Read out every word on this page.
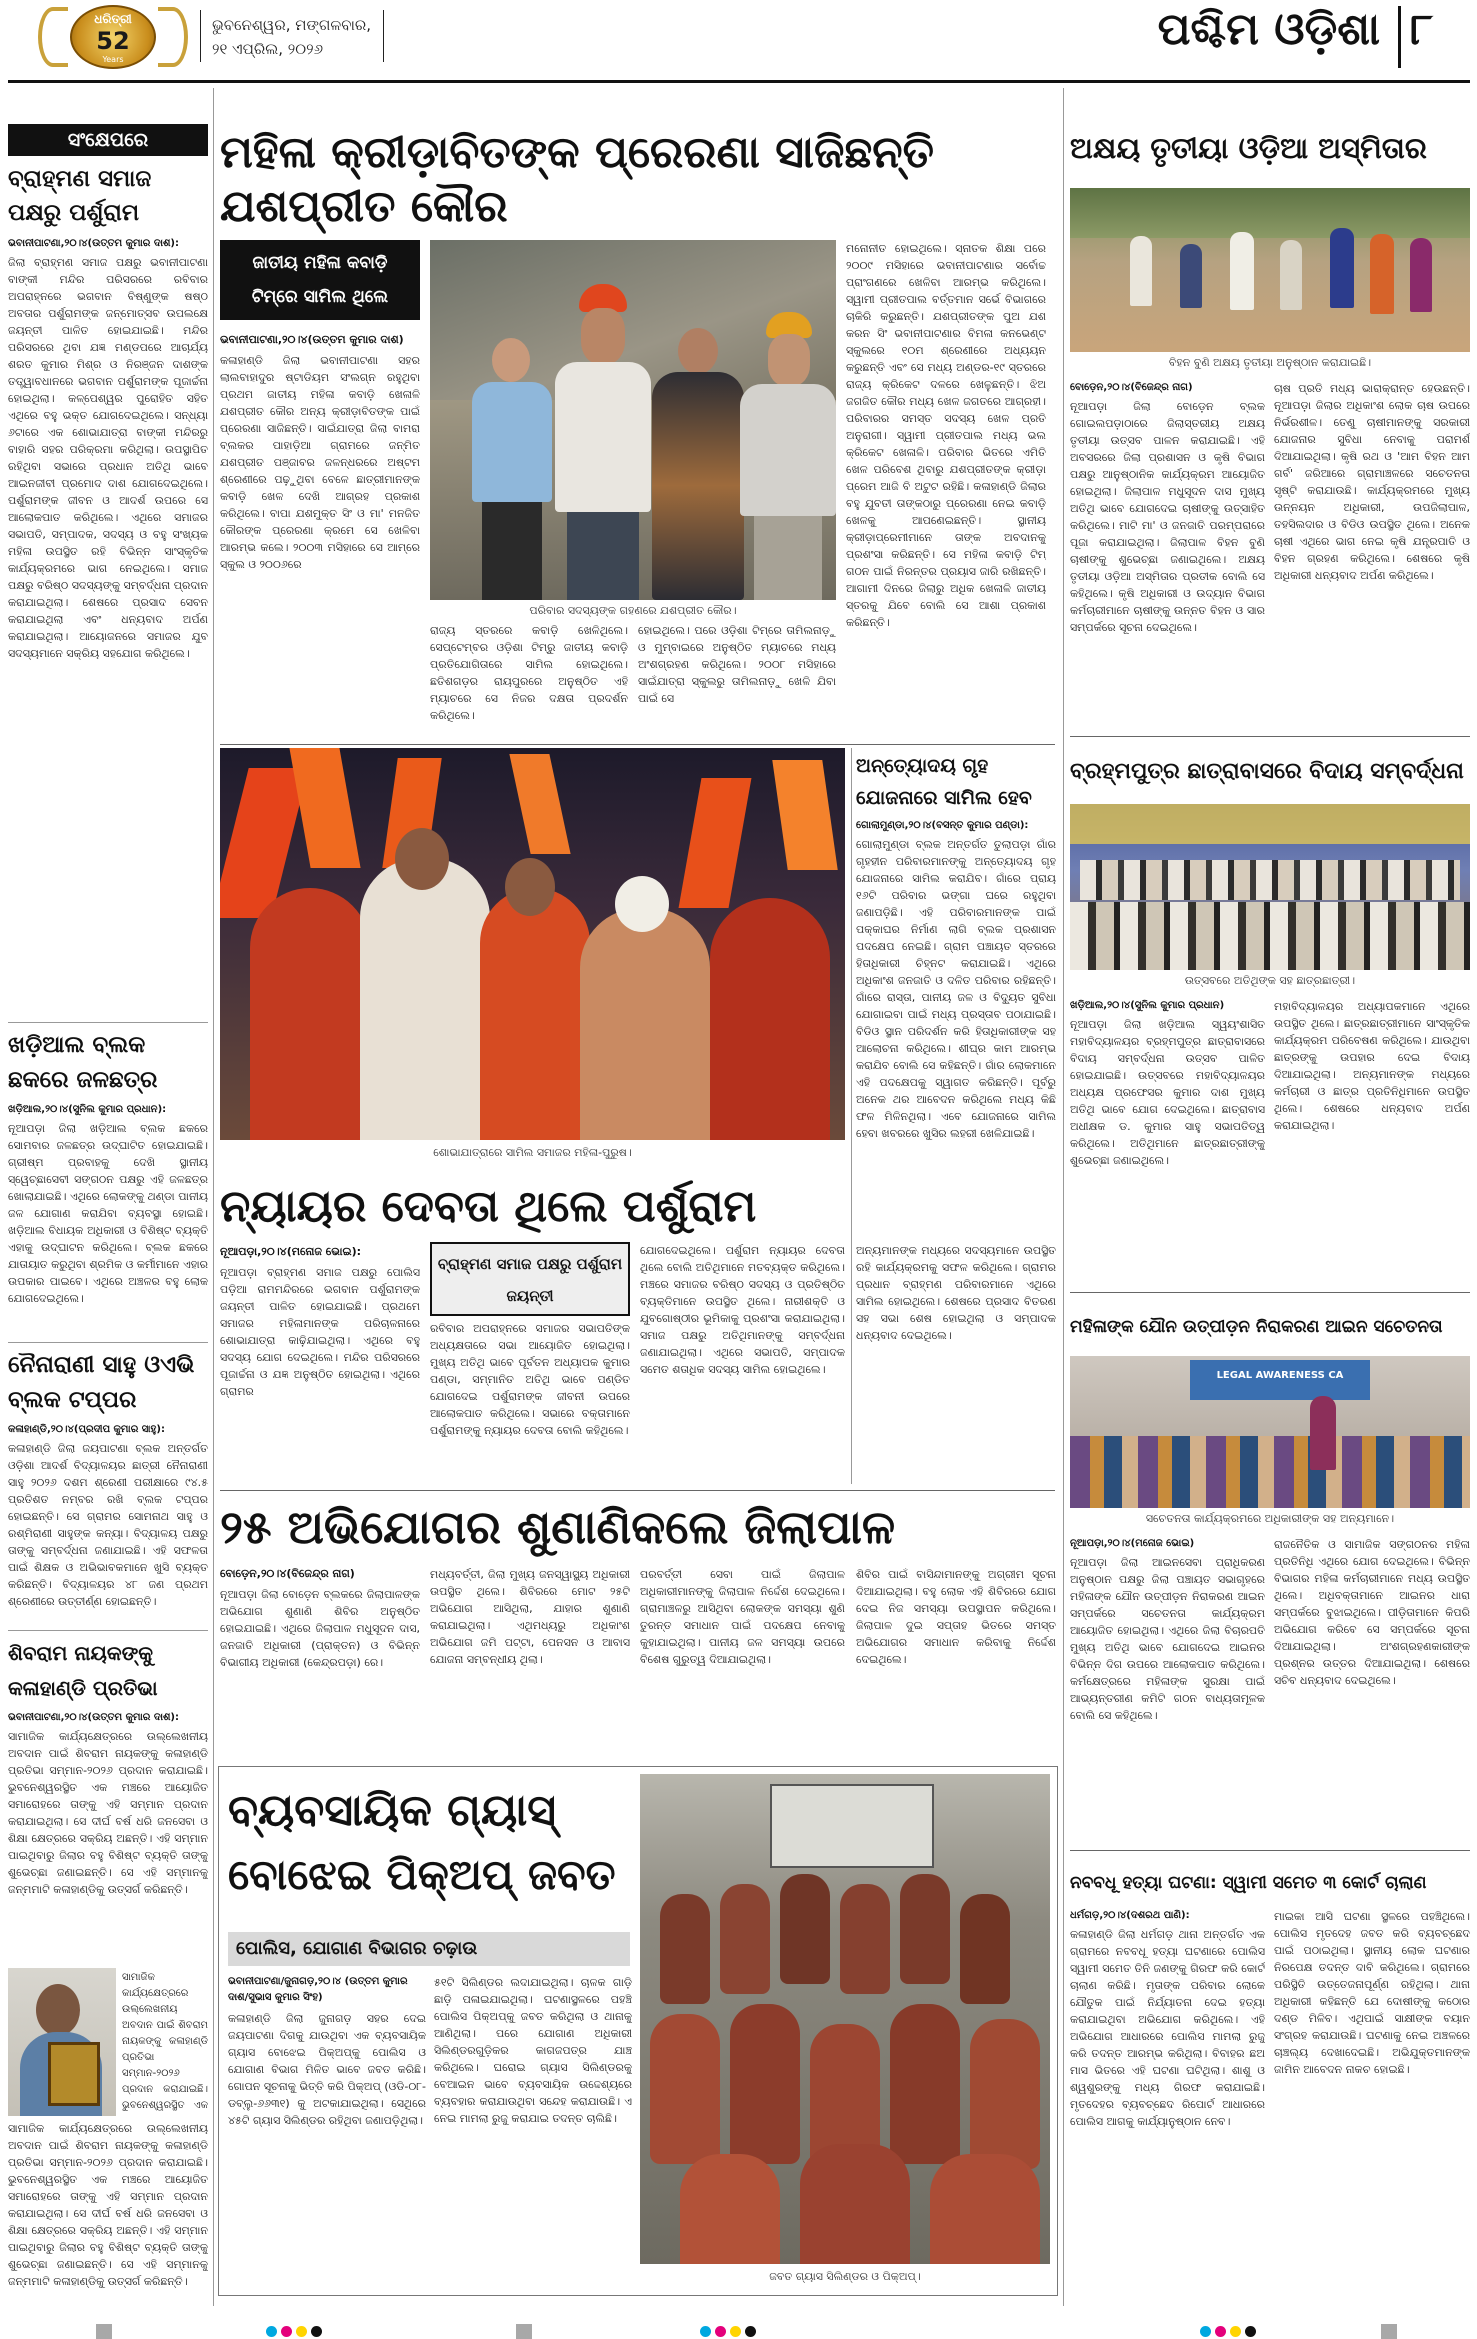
ଧରିତ୍ରୀ
52
Years
ଭୁବନେଶ୍ୱର, ମଙ୍ଗଳବାର,
୨୧ ଏପ୍ରିଲ, ୨୦୨୬	ପଶ୍ଚିମ ଓଡ଼ିଶା ୮
ସଂକ୍ଷେପରେ
ବ୍ରାହ୍ମଣ ସମାଜ ପକ୍ଷରୁ ପର୍ଶୁରାମ
ଭବାନୀପାଟଣା,୨୦।୪(ଉତ୍ତମ କୁମାର ଦାଶ):
ଜିଲା ବ୍ରାହ୍ମଣ ସମାଜ ପକ୍ଷରୁ ଭବାନୀପାଟଣା ବାଙ୍କୀ ମନ୍ଦିର ପରିସରରେ ରବିବାର ଅପରାହ୍ନରେ ଭଗବାନ ବିଷ୍ଣୁଙ୍କ ଷଷ୍ଠ ଅବତାର ପର୍ଶୁରାମଙ୍କ ଜନ୍ମୋତ୍ସବ ଉପଲକ୍ଷେ ଜୟନ୍ତୀ ପାଳିତ ହୋଇଯାଇଛି। ମନ୍ଦିର ପରିସରରେ ଥିବା ଯଜ୍ଞ ମଣ୍ଡପରେ ଆଚାର୍ଯ୍ୟ ଶରତ କୁମାର ମିଶ୍ର ଓ ନିରଞ୍ଜନ ଦାଶଙ୍କ ତତ୍ତ୍ୱାବଧାନରେ ଭଗବାନ ପର୍ଶୁରାମଙ୍କ ପୂଜାର୍ଚ୍ଚନା ହୋଇଥିଲା। କଳ୍ପେଶ୍ୱର ପୁରୋହିତ ସହିତ ଏଥିରେ ବହୁ ଭକ୍ତ ଯୋଗଦେଇଥିଲେ। ସନ୍ଧ୍ୟା ୬ଟାରେ ଏକ ଶୋଭାଯାତ୍ରା ବାଙ୍କୀ ମନ୍ଦିରରୁ ବାହାରି ସହର ପରିକ୍ରମା କରିଥିଲା। ଉପସ୍ଥାପିତ ରହିଥିବା ସଭାରେ ପ୍ରଧାନ ଅତିଥି ଭାବେ ଆଇନଜୀବୀ ପ୍ରମୋଦ ଦାଶ ଯୋଗଦେଇଥିଲେ। ପର୍ଶୁରାମଙ୍କ ଜୀବନ ଓ ଆଦର୍ଶ ଉପରେ ସେ ଆଲୋକପାତ କରିଥିଲେ। ଏଥିରେ ସମାଜର ସଭାପତି, ସମ୍ପାଦକ, ସଦସ୍ୟ ଓ ବହୁ ସଂଖ୍ୟକ ମହିଳା ଉପସ୍ଥିତ ରହି ବିଭିନ୍ନ ସାଂସ୍କୃତିକ କାର୍ଯ୍ୟକ୍ରମରେ ଭାଗ ନେଇଥିଲେ। ସମାଜ ପକ୍ଷରୁ ବରିଷ୍ଠ ସଦସ୍ୟଙ୍କୁ ସମ୍ବର୍ଦ୍ଧନା ପ୍ରଦାନ କରାଯାଇଥିଲା। ଶେଷରେ ପ୍ରସାଦ ସେବନ କରାଯାଇଥିଲା ଏବଂ ଧନ୍ୟବାଦ ଅର୍ପଣ କରାଯାଇଥିଲା। ଆୟୋଜନରେ ସମାଜର ଯୁବ ସଦସ୍ୟମାନେ ସକ୍ରିୟ ସହଯୋଗ କରିଥିଲେ।
ଖଡ଼ିଆଲ ବ୍ଲକ ଛକରେ ଜଳଛତ୍ର
ଖଡ଼ିଆଲ,୨୦।୪(ସୁନିଲ କୁମାର ପ୍ରଧାନ):
ନୂଆପଡ଼ା ଜିଲା ଖଡ଼ିଆଲ ବ୍ଲକ ଛକରେ ସୋମବାର ଜଳଛତ୍ର ଉଦ୍‌ଘାଟିତ ହୋଇଯାଇଛି। ଗ୍ରୀଷ୍ମ ପ୍ରବାହକୁ ଦେଖି ସ୍ଥାନୀୟ ସ୍ୱେଚ୍ଛାସେବୀ ସଙ୍ଗଠନ ପକ୍ଷରୁ ଏହି ଜଳଛତ୍ର ଖୋଲାଯାଇଛି। ଏଥିରେ ଲୋକଙ୍କୁ ଥଣ୍ଡା ପାନୀୟ ଜଳ ଯୋଗାଣ କରାଯିବା ବ୍ୟବସ୍ଥା ହୋଇଛି। ଖଡ଼ିଆଲ ବିଧାୟକ ଅଧିକାରୀ ଓ ବିଶିଷ୍ଟ ବ୍ୟକ୍ତି ଏହାକୁ ଉଦ୍‌ଘାଟନ କରିଥିଲେ। ବ୍ଲକ ଛକରେ ଯାତାୟାତ କରୁଥିବା ଶ୍ରମିକ ଓ କର୍ମୀମାନେ ଏହାର ଉପକାର ପାଇବେ। ଏଥିରେ ଅଞ୍ଚଳର ବହୁ ଲୋକ ଯୋଗଦେଇଥିଲେ।
ନୈନାରାଣୀ ସାହୁ ଓଏଭି ବ୍ଲକ ଟପ୍ପର
କଳାହାଣ୍ଡି,୨୦।୪(ପ୍ରଦୀପ କୁମାର ସାହୁ):
କଳାହାଣ୍ଡି ଜିଲା ଜୟପାଟଣା ବ୍ଲକ ଅନ୍ତର୍ଗତ ଓଡ଼ିଶା ଆଦର୍ଶ ବିଦ୍ୟାଳୟର ଛାତ୍ରୀ ନୈନାରାଣୀ ସାହୁ ୨୦୨୬ ଦଶମ ଶ୍ରେଣୀ ପରୀକ୍ଷାରେ ୯୪.୫ ପ୍ରତିଶତ ନମ୍ବର ରଖି ବ୍ଲକ ଟପ୍ପର ହୋଇଛନ୍ତି। ସେ ଗ୍ରାମର ସୋମନାଥ ସାହୁ ଓ ରଶ୍ମିରାଣୀ ସାହୁଙ୍କ କନ୍ୟା। ବିଦ୍ୟାଳୟ ପକ୍ଷରୁ ତାଙ୍କୁ ସମ୍ବର୍ଦ୍ଧନା ଜଣାଯାଇଛି। ଏହି ସଫଳତା ପାଇଁ ଶିକ୍ଷକ ଓ ଅଭିଭାବକମାନେ ଖୁସି ବ୍ୟକ୍ତ କରିଛନ୍ତି। ବିଦ୍ୟାଳୟର ୪୮ ଜଣ ପ୍ରଥମ ଶ୍ରେଣୀରେ ଉତ୍ତୀର୍ଣ୍ଣ ହୋଇଛନ୍ତି।
ଶିବରାମ ନାୟକଙ୍କୁ କଳାହାଣ୍ଡି ପ୍ରତିଭା
ଭବାନୀପାଟଣା,୨୦।୪(ଉତ୍ତମ କୁମାର ଦାଶ):
ସାମାଜିକ କାର୍ଯ୍ୟକ୍ଷେତ୍ରରେ ଉଲ୍ଲେଖନୀୟ ଅବଦାନ ପାଇଁ ଶିବରାମ ନାୟକଙ୍କୁ କଳାହାଣ୍ଡି ପ୍ରତିଭା ସମ୍ମାନ-୨୦୨୬ ପ୍ରଦାନ କରାଯାଇଛି। ଭୁବନେଶ୍ୱରସ୍ଥିତ ଏକ ମଞ୍ଚରେ ଆୟୋଜିତ ସମାରୋହରେ ତାଙ୍କୁ ଏହି ସମ୍ମାନ ପ୍ରଦାନ କରାଯାଇଥିଲା। ସେ ଦୀର୍ଘ ବର୍ଷ ଧରି ଜନସେବା ଓ ଶିକ୍ଷା କ୍ଷେତ୍ରରେ ସକ୍ରିୟ ଅଛନ୍ତି। ଏହି ସମ୍ମାନ ପାଇଥିବାରୁ ଜିଲାର ବହୁ ବିଶିଷ୍ଟ ବ୍ୟକ୍ତି ତାଙ୍କୁ ଶୁଭେଚ୍ଛା ଜଣାଇଛନ୍ତି। ସେ ଏହି ସମ୍ମାନକୁ ଜନ୍ମମାଟି କଳାହାଣ୍ଡିକୁ ଉତ୍ସର୍ଗ କରିଛନ୍ତି।
ସାମାଜିକ କାର୍ଯ୍ୟକ୍ଷେତ୍ରରେ ଉଲ୍ଲେଖନୀୟ ଅବଦାନ ପାଇଁ ଶିବରାମ ନାୟକଙ୍କୁ କଳାହାଣ୍ଡି ପ୍ରତିଭା ସମ୍ମାନ-୨୦୨୬ ପ୍ରଦାନ କରାଯାଇଛି। ଭୁବନେଶ୍ୱରସ୍ଥିତ ଏକ
ସାମାଜିକ କାର୍ଯ୍ୟକ୍ଷେତ୍ରରେ ଉଲ୍ଲେଖନୀୟ ଅବଦାନ ପାଇଁ ଶିବରାମ ନାୟକଙ୍କୁ କଳାହାଣ୍ଡି ପ୍ରତିଭା ସମ୍ମାନ-୨୦୨୬ ପ୍ରଦାନ କରାଯାଇଛି। ଭୁବନେଶ୍ୱରସ୍ଥିତ ଏକ ମଞ୍ଚରେ ଆୟୋଜିତ ସମାରୋହରେ ତାଙ୍କୁ ଏହି ସମ୍ମାନ ପ୍ରଦାନ କରାଯାଇଥିଲା। ସେ ଦୀର୍ଘ ବର୍ଷ ଧରି ଜନସେବା ଓ ଶିକ୍ଷା କ୍ଷେତ୍ରରେ ସକ୍ରିୟ ଅଛନ୍ତି। ଏହି ସମ୍ମାନ ପାଇଥିବାରୁ ଜିଲାର ବହୁ ବିଶିଷ୍ଟ ବ୍ୟକ୍ତି ତାଙ୍କୁ ଶୁଭେଚ୍ଛା ଜଣାଇଛନ୍ତି। ସେ ଏହି ସମ୍ମାନକୁ ଜନ୍ମମାଟି କଳାହାଣ୍ଡିକୁ ଉତ୍ସର୍ଗ କରିଛନ୍ତି।
ମହିଳା କ୍ରୀଡ଼ାବିତଙ୍କ ପ୍ରେରଣା ସାଜିଛନ୍ତି ଯଶପ୍ରୀତ କୌର
ଜାତୀୟ ମହିଳା କବାଡ଼ି ଟିମ୍‌ରେ ସାମିଲ ଥିଲେ
ଭବାନୀପାଟଣା,୨୦।୪(ଉତ୍ତମ କୁମାର ଦାଶ)
କଳାହାଣ୍ଡି ଜିଲା ଭବାନୀପାଟଣା ସହର ଲାଲବାହାଦୁର ଷ୍ଟାଡିୟମ ସଂଲଗ୍ନ ରହୁଥିବା ପ୍ରଥମ ଜାତୀୟ ମହିଳା କବାଡ଼ି ଖେଳାଳି ଯଶପ୍ରୀତ କୌର ଅନ୍ୟ କ୍ରୀଡ଼ାବିତଙ୍କ ପାଇଁ ପ୍ରେରଣା ସାଜିଛନ୍ତି। ସାଇଁଯାତ୍ରା ଜିଲା ବାମରା ବ୍ଲକର ପାହାଡ଼ିଆ ଗ୍ରାମରେ ଜନ୍ମିତ ଯଶପ୍ରୀତ ପଞ୍ଜାବର ଜଳନ୍ଧରରେ ଅଷ୍ଟମ ଶ୍ରେଣୀରେ ପଢ଼ୁଥିବା ବେଳେ ଛାତ୍ରୀମାନଙ୍କ କବାଡ଼ି ଖେଳ ଦେଖି ଆଗ୍ରହ ପ୍ରକାଶ କରିଥିଲେ। ବାପା ଯଶମୁକ୍ତ ସିଂ ଓ ମା' ମନଜିତ କୌରଙ୍କ ପ୍ରେରଣା କ୍ରମେ ସେ ଖେଳିବା ଆରମ୍ଭ କଲେ। ୨୦୦୩ ମସିହାରେ ସେ ଆମ୍ରେ ସ୍କୁଲ ଓ ୨୦୦୬ରେ
ପରିବାର ସଦସ୍ୟଙ୍କ ଗହଣରେ ଯଶପ୍ରୀତ କୌର।
ରାଜ୍ୟ ସ୍ତରରେ କବାଡ଼ି ଖେଳିଥିଲେ। ସେପ୍ଟେମ୍ବର ଓଡ଼ିଶା ଟିମ୍‌ରୁ ଜାତୀୟ କବାଡ଼ି ପ୍ରତିଯୋଗିତାରେ ସାମିଲ ହୋଇଥିଲେ। ଛତିଶଗଡ଼ର ରାୟପୁରରେ ଅନୁଷ୍ଠିତ ଏହି ମ୍ୟାଚରେ ସେ ନିଜର ଦକ୍ଷତା ପ୍ରଦର୍ଶନ କରିଥିଲେ।
ହୋଇଥିଲେ। ପରେ ଓଡ଼ିଶା ଟିମ୍‌ରେ ତାମିଲନାଡ଼ୁ ଓ ମୁମ୍ବାଇରେ ଅନୁଷ୍ଠିତ ମ୍ୟାଚରେ ମଧ୍ୟ ଅଂଶଗ୍ରହଣ କରିଥିଲେ। ୨୦୦୮ ମସିହାରେ ସାଇଁଯାତ୍ରା ସ୍କୁଲରୁ ତାମିଲନାଡ଼ୁ ଖେଳି ଯିବା ପାଇଁ ସେ
ମନୋନୀତ ହୋଇଥିଲେ। ସ୍ନାତକ ଶିକ୍ଷା ପରେ ୨୦୦୯ ମସିହାରେ ଭବାନୀପାଟଣାର ସର୍ବୋଚ୍ଚ ପ୍ରାଂଗଣରେ ଖେଳିବା ଆରମ୍ଭ କରିଥିଲେ। ସ୍ୱାମୀ ପ୍ରୀତପାଲ ବର୍ତ୍ତମାନ ସର୍ଭେ ବିଭାଗରେ ଚାକିରି କରୁଛନ୍ତି। ଯଶପ୍ରୀତଙ୍କ ପୁଅ ଯଶ କରନ ସିଂ ଭବାନୀପାଟଣାର ବିମଳା କନଭେଣ୍ଟ ସ୍କୁଲରେ ୧୦ମ ଶ୍ରେଣୀରେ ଅଧ୍ୟୟନ କରୁଛନ୍ତି ଏବଂ ସେ ମଧ୍ୟ ଅଣ୍ଡର-୧୯ ସ୍ତରରେ ରାଜ୍ୟ କ୍ରିକେଟ ଦଳରେ ଖେଳୁଛନ୍ତି। ଝିଅ ଜଗଜିତ କୌର ମଧ୍ୟ ଖେଳ ଜଗତରେ ଆଗ୍ରହୀ। ପରିବାରର ସମସ୍ତ ସଦସ୍ୟ ଖେଳ ପ୍ରତି ଅନୁରାଗୀ। ସ୍ୱାମୀ ପ୍ରୀତପାଲ ମଧ୍ୟ ଭଲ କ୍ରିକେଟ ଖେଳାଳି। ପରିବାର ଭିତରେ ଏମିତି ଖେଳ ପରିବେଶ ଥିବାରୁ ଯଶପ୍ରୀତଙ୍କ କ୍ରୀଡ଼ା ପ୍ରେମ ଆଜି ବି ଅଟୁଟ ରହିଛି। କଳାହାଣ୍ଡି ଜିଲାର ବହୁ ଯୁବତୀ ତାଙ୍କଠାରୁ ପ୍ରେରଣା ନେଇ କବାଡ଼ି ଖେଳକୁ ଆପଣେଇଛନ୍ତି। ସ୍ଥାନୀୟ କ୍ରୀଡ଼ାପ୍ରେମୀମାନେ ତାଙ୍କ ଅବଦାନକୁ ପ୍ରଶଂସା କରିଛନ୍ତି। ସେ ମହିଳା କବାଡ଼ି ଟିମ୍ ଗଠନ ପାଇଁ ନିରନ୍ତର ପ୍ରୟାସ ଜାରି ରଖିଛନ୍ତି। ଆଗାମୀ ଦିନରେ ଜିଲାରୁ ଅଧିକ ଖେଳାଳି ଜାତୀୟ ସ୍ତରକୁ ଯିବେ ବୋଲି ସେ ଆଶା ପ୍ରକାଶ କରିଛନ୍ତି।
ଶୋଭାଯାତ୍ରାରେ ସାମିଲ ସମାଜର ମହିଳା-ପୁରୁଷ।
ନ୍ୟାୟର ଦେବତା ଥିଲେ ପର୍ଶୁରାମ
ନୂଆପଡ଼ା,୨୦।୪(ମନୋଜ ଭୋଇ):
ବ୍ରାହ୍ମଣ ସମାଜ ପକ୍ଷରୁ ପର୍ଶୁରାମ ଜୟନ୍ତୀ
ନୂଆପଡ଼ା ବ୍ରାହ୍ମଣ ସମାଜ ପକ୍ଷରୁ ପୋଲିସ ପଡ଼ିଆ ରାମମନ୍ଦିରରେ ଭଗବାନ ପର୍ଶୁରାମଙ୍କ ଜୟନ୍ତୀ ପାଳିତ ହୋଇଯାଇଛି। ପ୍ରଥମେ ସମାଜର ମହିଳାମାନଙ୍କ ପରିଚାଳନାରେ ଶୋଭାଯାତ୍ରା କାଢ଼ିଯାଇଥିଲା। ଏଥିରେ ବହୁ ସଦସ୍ୟ ଯୋଗ ଦେଇଥିଲେ। ମନ୍ଦିର ପରିସରରେ ପୂଜାର୍ଚ୍ଚନା ଓ ଯଜ୍ଞ ଅନୁଷ୍ଠିତ ହୋଇଥିଲା। ଏଥିରେ ଗ୍ରାମର
ରବିବାର ଅପରାହ୍ନରେ ସମାଜର ସଭାପତିଙ୍କ ଅଧ୍ୟକ୍ଷତାରେ ସଭା ଆୟୋଜିତ ହୋଇଥିଲା। ମୁଖ୍ୟ ଅତିଥି ଭାବେ ପୂର୍ବତନ ଅଧ୍ୟାପକ କୁମାର ପଣ୍ଡା, ସମ୍ମାନିତ ଅତିଥି ଭାବେ ପଣ୍ଡିତ ଯୋଗଦେଇ ପର୍ଶୁରାମଙ୍କ ଜୀବନୀ ଉପରେ ଆଲୋକପାତ କରିଥିଲେ। ସଭାରେ ବକ୍ତାମାନେ ପର୍ଶୁରାମଙ୍କୁ ନ୍ୟାୟର ଦେବତା ବୋଲି କହିଥିଲେ।
ଯୋଗଦେଇଥିଲେ। ପର୍ଶୁରାମ ନ୍ୟାୟର ଦେବତା ଥିଲେ ବୋଲି ଅତିଥିମାନେ ମତବ୍ୟକ୍ତ କରିଥିଲେ। ମଞ୍ଚରେ ସମାଜର ବରିଷ୍ଠ ସଦସ୍ୟ ଓ ପ୍ରତିଷ୍ଠିତ ବ୍ୟକ୍ତିମାନେ ଉପସ୍ଥିତ ଥିଲେ। ନାରୀଶକ୍ତି ଓ ଯୁବଗୋଷ୍ଠୀର ଭୂମିକାକୁ ପ୍ରଶଂସା କରାଯାଇଥିଲା। ସମାଜ ପକ୍ଷରୁ ଅତିଥିମାନଙ୍କୁ ସମ୍ବର୍ଦ୍ଧନା ଜଣାଯାଇଥିଲା। ଏଥିରେ ସଭାପତି, ସମ୍ପାଦକ ସମେତ ଶତାଧିକ ସଦସ୍ୟ ସାମିଲ ହୋଇଥିଲେ।
ଅନ୍ୟମାନଙ୍କ ମଧ୍ୟରେ ସଦସ୍ୟମାନେ ଉପସ୍ଥିତ ରହି କାର୍ଯ୍ୟକ୍ରମକୁ ସଫଳ କରିଥିଲେ। ଗ୍ରାମର ପ୍ରଧାନ ବ୍ରାହ୍ମଣ ପରିବାରମାନେ ଏଥିରେ ସାମିଲ ହୋଇଥିଲେ। ଶେଷରେ ପ୍ରସାଦ ବିତରଣ ସହ ସଭା ଶେଷ ହୋଇଥିଲା ଓ ସମ୍ପାଦକ ଧନ୍ୟବାଦ ଦେଇଥିଲେ।
ଅନ୍ତ୍ୟୋଦୟ ଗୃହ ଯୋଜନାରେ ସାମିଲ ହେବ
ଗୋଲାମୁଣ୍ଡା,୨୦।୪(ବସନ୍ତ କୁମାର ପଣ୍ଡା):
ଗୋଲାମୁଣ୍ଡା ବ୍ଲକ ଅନ୍ତର୍ଗତ ତୁଲାପଡ଼ା ଗାଁର ଗୃହହୀନ ପରିବାରମାନଙ୍କୁ ଅନ୍ତ୍ୟୋଦୟ ଗୃହ ଯୋଜନାରେ ସାମିଲ କରାଯିବ। ଗାଁରେ ପ୍ରାୟ ୧୬ଟି ପରିବାର ଭଙ୍ଗା ଘରେ ରହୁଥିବା ଜଣାପଡ଼ିଛି। ଏହି ପରିବାରମାନଙ୍କ ପାଇଁ ପକ୍କାଘର ନିର୍ମାଣ ଲାଗି ବ୍ଲକ ପ୍ରଶାସନ ପଦକ୍ଷେପ ନେଇଛି। ଗ୍ରାମ ପଞ୍ଚାୟତ ସ୍ତରରେ ହିତାଧିକାରୀ ଚିହ୍ନଟ କରାଯାଇଛି। ଏଥିରେ ଅଧିକାଂଶ ଜନଜାତି ଓ ଦଳିତ ପରିବାର ରହିଛନ୍ତି। ଗାଁରେ ରାସ୍ତା, ପାନୀୟ ଜଳ ଓ ବିଦ୍ୟୁତ ସୁବିଧା ଯୋଗାଇବା ପାଇଁ ମଧ୍ୟ ପ୍ରସ୍ତାବ ପଠାଯାଇଛି। ବିଡିଓ ସ୍ଥାନ ପରିଦର୍ଶନ କରି ହିତାଧିକାରୀଙ୍କ ସହ ଆଲୋଚନା କରିଥିଲେ। ଶୀଘ୍ର କାମ ଆରମ୍ଭ କରାଯିବ ବୋଲି ସେ କହିଛନ୍ତି। ଗାଁର ଲୋକମାନେ ଏହି ପଦକ୍ଷେପକୁ ସ୍ୱାଗତ କରିଛନ୍ତି। ପୂର୍ବରୁ ଅନେକ ଥର ଆବେଦନ କରିଥିଲେ ମଧ୍ୟ କିଛି ଫଳ ମିଳିନଥିଲା। ଏବେ ଯୋଜନାରେ ସାମିଲ ହେବା ଖବରରେ ଖୁସିର ଲହରୀ ଖେଳିଯାଇଛି।
୨୫ ଅଭିଯୋଗର ଶୁଣାଣିକଲେ ଜିଲାପାଳ
ବୋଡ଼େନ,୨୦।୪(ବିଜେନ୍ଦ୍ର ନାଗ)
ନୂଆପଡ଼ା ଜିଲା ବୋଡ଼େନ ବ୍ଲକରେ ଜିଲାପାଳଙ୍କ ଅଭିଯୋଗ ଶୁଣାଣି ଶିବିର ଅନୁଷ୍ଠିତ ହୋଇଯାଇଛି। ଏଥିରେ ଜିଲାପାଳ ମଧୁସୂଦନ ଦାସ, ଜନଜାତି ଅଧିକାରୀ (ପ୍ରାକ୍ତନ) ଓ ବିଭିନ୍ନ ବିଭାଗୀୟ ଅଧିକାରୀ (କେନ୍ଦ୍ରପଡ଼ା) ରେ।
ମଧ୍ୟବର୍ତ୍ତୀ, ଜିଲା ମୁଖ୍ୟ ଜନସ୍ୱାସ୍ଥ୍ୟ ଅଧିକାରୀ ଉପସ୍ଥିତ ଥିଲେ। ଶିବିରରେ ମୋଟ ୨୫ଟି ଅଭିଯୋଗ ଆସିଥିଲା, ଯାହାର ଶୁଣାଣି କରାଯାଇଥିଲା। ଏଥିମଧ୍ୟରୁ ଅଧିକାଂଶ ଅଭିଯୋଗ ଜମି ପଟ୍ଟା, ପେନସନ ଓ ଆବାସ ଯୋଜନା ସମ୍ବନ୍ଧୀୟ ଥିଲା।
ପରବର୍ତ୍ତୀ ସେବା ପାଇଁ ଜିଲାପାଳ ଅଧିକାରୀମାନଙ୍କୁ ଜିଲାପାଳ ନିର୍ଦ୍ଦେଶ ଦେଇଥିଲେ। ଗ୍ରାମାଞ୍ଚଳରୁ ଆସିଥିବା ଲୋକଙ୍କ ସମସ୍ୟା ଶୁଣି ତୁରନ୍ତ ସମାଧାନ ପାଇଁ ପଦକ୍ଷେପ ନେବାକୁ କୁହାଯାଇଥିଲା। ପାନୀୟ ଜଳ ସମସ୍ୟା ଉପରେ ବିଶେଷ ଗୁରୁତ୍ୱ ଦିଆଯାଇଥିଲା।
ଶିବିର ପାଇଁ ବାସିନ୍ଦାମାନଙ୍କୁ ଅଗ୍ରୀମ ସୂଚନା ଦିଆଯାଇଥିଲା। ବହୁ ଲୋକ ଏହି ଶିବିରରେ ଯୋଗ ଦେଇ ନିଜ ସମସ୍ୟା ଉପସ୍ଥାପନ କରିଥିଲେ। ଜିଲାପାଳ ଦୁଇ ସପ୍ତାହ ଭିତରେ ସମସ୍ତ ଅଭିଯୋଗର ସମାଧାନ କରିବାକୁ ନିର୍ଦ୍ଦେଶ ଦେଇଥିଲେ।
ବ୍ୟବସାୟିକ ଗ୍ୟାସ୍
ବୋଝେଇ ପିକ୍‌ଅପ୍ ଜବତ
ପୋଲିସ, ଯୋଗାଣ ବିଭାଗର ଚଢ଼ାଉ
ଭବାନୀପାଟଣା/ଜୁନାଗଡ଼,୨୦।୪ (ଉତ୍ତମ କୁମାର ଦାଶ/ସୁଭାସ କୁମାର ସିଂହ)
କଳାହାଣ୍ଡି ଜିଲା ଜୁନାଗଡ଼ ସହର ଦେଇ ଜୟପାଟଣା ଦିଗକୁ ଯାଉଥିବା ଏକ ବ୍ୟବସାୟିକ ଗ୍ୟାସ ବୋଝେଇ ପିକ୍‌ଅପ୍‌କୁ ପୋଲିସ ଓ ଯୋଗାଣ ବିଭାଗ ମିଳିତ ଭାବେ ଜବତ କରିଛି। ଗୋପନ ସୂଚନାକୁ ଭିତ୍ତି କରି ପିକ୍‌ଅପ୍ (ଓଡି-୦୮-ଡବ୍ଲୁ-୬୬୩୧) କୁ ଅଟକାଯାଇଥିଲା। ସେଥିରେ ୪୫ଟି ଗ୍ୟାସ ସିଲିଣ୍ଡର ରହିଥିବା ଜଣାପଡ଼ିଥିଲା।
୫୧ଟି ସିଲିଣ୍ଡର ଲଦାଯାଇଥିଲା। ଚାଳକ ଗାଡ଼ି ଛାଡ଼ି ପଳାଇଯାଇଥିଲା। ଘଟଣାସ୍ଥଳରେ ପହଞ୍ଚି ପୋଲିସ ପିକ୍‌ଅପ୍‌କୁ ଜବତ କରିଥିଲା ଓ ଥାନାକୁ ଆଣିଥିଲା। ପରେ ଯୋଗାଣ ଅଧିକାରୀ ସିଲିଣ୍ଡରଗୁଡ଼ିକର କାଗଜପତ୍ର ଯାଞ୍ଚ କରିଥିଲେ। ଘରୋଇ ଗ୍ୟାସ ସିଲିଣ୍ଡରକୁ ବେଆଇନ ଭାବେ ବ୍ୟବସାୟିକ ଉଦ୍ଦେଶ୍ୟରେ ବ୍ୟବହାର କରାଯାଉଥିବା ସନ୍ଦେହ କରାଯାଉଛି। ଏ ନେଇ ମାମଲା ରୁଜୁ କରାଯାଇ ତଦନ୍ତ ଚାଲିଛି।
ଜବତ ଗ୍ୟାସ ସିଲିଣ୍ଡର ଓ ପିକ୍‌ଅପ୍।
ଅକ୍ଷୟ ତୃତୀୟା ଓଡ଼ିଆ ଅସ୍ମିତାର
ବିହନ ବୁଣି ଅକ୍ଷୟ ତୃତୀୟା ଅନୁଷ୍ଠାନ କରାଯାଇଛି।
ବୋଡ଼େନ,୨୦।୪(ବିଜେନ୍ଦ୍ର ନାଗ)
ନୂଆପଡ଼ା ଜିଲା ବୋଡ଼େନ ବ୍ଲକ ଗୋଇଲପଡ଼ାଠାରେ ଜିଲାସ୍ତରୀୟ ଅକ୍ଷୟ ତୃତୀୟା ଉତ୍ସବ ପାଳନ କରାଯାଇଛି। ଏହି ଅବସରରେ ଜିଲା ପ୍ରଶାସନ ଓ କୃଷି ବିଭାଗ ପକ୍ଷରୁ ଆନୁଷ୍ଠାନିକ କାର୍ଯ୍ୟକ୍ରମ ଆୟୋଜିତ ହୋଇଥିଲା। ଜିଲାପାଳ ମଧୁସୂଦନ ଦାସ ମୁଖ୍ୟ ଅତିଥି ଭାବେ ଯୋଗଦେଇ ଚାଷୀଙ୍କୁ ଉତ୍ସାହିତ କରିଥିଲେ। ମାଟି ମା' ଓ ଜନଜାତି ପରମ୍ପରାରେ ପୂଜା କରାଯାଇଥିଲା। ଜିଲାପାଳ ବିହନ ବୁଣି ଚାଷୀଙ୍କୁ ଶୁଭେଚ୍ଛା ଜଣାଇଥିଲେ। ଅକ୍ଷୟ ତୃତୀୟା ଓଡ଼ିଆ ଅସ୍ମିତାର ପ୍ରତୀକ ବୋଲି ସେ କହିଥିଲେ। କୃଷି ଅଧିକାରୀ ଓ ଉଦ୍ୟାନ ବିଭାଗ କର୍ମଚାରୀମାନେ ଚାଷୀଙ୍କୁ ଉନ୍ନତ ବିହନ ଓ ସାର ସମ୍ପର୍କରେ ସୂଚନା ଦେଇଥିଲେ।
ଚାଷ ପ୍ରତି ମଧ୍ୟ ଭାରାକ୍ରାନ୍ତ ହେଉଛନ୍ତି। ନୂଆପଡ଼ା ଜିଲାର ଅଧିକାଂଶ ଲୋକ ଚାଷ ଉପରେ ନିର୍ଭରଶୀଳ। ତେଣୁ ଚାଷୀମାନଙ୍କୁ ସରକାରୀ ଯୋଜନାର ସୁବିଧା ନେବାକୁ ପରାମର୍ଶ ଦିଆଯାଇଥିଲା। କୃଷି ରଥ ଓ 'ଆମ ବିହନ ଆମ ଗର୍ବ' ଜରିଆରେ ଗ୍ରାମାଞ୍ଚଳରେ ସଚେତନତା ସୃଷ୍ଟି କରାଯାଉଛି। କାର୍ଯ୍ୟକ୍ରମରେ ମୁଖ୍ୟ ଉନ୍ନୟନ ଅଧିକାରୀ, ଉପଜିଲାପାଳ, ତହସିଲଦାର ଓ ବିଡିଓ ଉପସ୍ଥିତ ଥିଲେ। ଅନେକ ଚାଷୀ ଏଥିରେ ଭାଗ ନେଇ କୃଷି ଯନ୍ତ୍ରପାତି ଓ ବିହନ ଗ୍ରହଣ କରିଥିଲେ। ଶେଷରେ କୃଷି ଅଧିକାରୀ ଧନ୍ୟବାଦ ଅର୍ପଣ କରିଥିଲେ।
ବ୍ରହ୍ମପୁତ୍ର ଛାତ୍ରାବାସରେ ବିଦାୟ ସମ୍ବର୍ଦ୍ଧନା
ଉତ୍ସବରେ ଅତିଥିଙ୍କ ସହ ଛାତ୍ରଛାତ୍ରୀ।
ଖଡ଼ିଆଲ,୨୦।୪(ସୁନିଲ କୁମାର ପ୍ରଧାନ)
ନୂଆପଡ଼ା ଜିଲା ଖଡ଼ିଆଲ ସ୍ୱୟଂଶାସିତ ମହାବିଦ୍ୟାଳୟର ବ୍ରହ୍ମପୁତ୍ର ଛାତ୍ରାବାସରେ ବିଦାୟ ସମ୍ବର୍ଦ୍ଧନା ଉତ୍ସବ ପାଳିତ ହୋଇଯାଇଛି। ଉତ୍ସବରେ ମହାବିଦ୍ୟାଳୟର ଅଧ୍ୟକ୍ଷ ପ୍ରଫେସର କୁମାର ଦାଶ ମୁଖ୍ୟ ଅତିଥି ଭାବେ ଯୋଗ ଦେଇଥିଲେ। ଛାତ୍ରାବାସ ଅଧୀକ୍ଷକ ଡ. କୁମାର ସାହୁ ସଭାପତିତ୍ୱ କରିଥିଲେ। ଅତିଥିମାନେ ଛାତ୍ରଛାତ୍ରୀଙ୍କୁ ଶୁଭେଚ୍ଛା ଜଣାଇଥିଲେ।
ମହାବିଦ୍ୟାଳୟର ଅଧ୍ୟାପକମାନେ ଏଥିରେ ଉପସ୍ଥିତ ଥିଲେ। ଛାତ୍ରଛାତ୍ରୀମାନେ ସାଂସ୍କୃତିକ କାର୍ଯ୍ୟକ୍ରମ ପରିବେଷଣ କରିଥିଲେ। ଯାଉଥିବା ଛାତ୍ରଙ୍କୁ ଉପହାର ଦେଇ ବିଦାୟ ଦିଆଯାଇଥିଲା। ଅନ୍ୟମାନଙ୍କ ମଧ୍ୟରେ କର୍ମଚାରୀ ଓ ଛାତ୍ର ପ୍ରତିନିଧିମାନେ ଉପସ୍ଥିତ ଥିଲେ। ଶେଷରେ ଧନ୍ୟବାଦ ଅର୍ପଣ କରାଯାଇଥିଲା।
ମହିଳାଙ୍କ ଯୌନ ଉତ୍ପୀଡ଼ନ ନିରାକରଣ ଆଇନ ସଚେତନତା
LEGAL AWARENESS CA
ସଚେତନତା କାର୍ଯ୍ୟକ୍ରମରେ ଅଧିକାରୀଙ୍କ ସହ ଅନ୍ୟମାନେ।
ନୂଆପଡ଼ା,୨୦।୪(ମନୋଜ ଭୋଇ)
ନୂଆପଡ଼ା ଜିଲା ଆଇନସେବା ପ୍ରାଧିକରଣ ଅନୁଷ୍ଠାନ ପକ୍ଷରୁ ଜିଲା ପଞ୍ଚାୟତ ସଭାଗୃହରେ ମହିଳାଙ୍କ ଯୌନ ଉତ୍ପୀଡ଼ନ ନିରାକରଣ ଆଇନ ସମ୍ପର୍କରେ ସଚେତନତା କାର୍ଯ୍ୟକ୍ରମ ଆୟୋଜିତ ହୋଇଥିଲା। ଏଥିରେ ଜିଲା ବିଚାରପତି ମୁଖ୍ୟ ଅତିଥି ଭାବେ ଯୋଗଦେଇ ଆଇନର ବିଭିନ୍ନ ଦିଗ ଉପରେ ଆଲୋକପାତ କରିଥିଲେ। କର୍ମକ୍ଷେତ୍ରରେ ମହିଳାଙ୍କ ସୁରକ୍ଷା ପାଇଁ ଆଭ୍ୟନ୍ତରୀଣ କମିଟି ଗଠନ ବାଧ୍ୟତାମୂଳକ ବୋଲି ସେ କହିଥିଲେ।
ରାଜନୈତିକ ଓ ସାମାଜିକ ସଙ୍ଗଠନର ମହିଳା ପ୍ରତିନିଧି ଏଥିରେ ଯୋଗ ଦେଇଥିଲେ। ବିଭିନ୍ନ ବିଭାଗର ମହିଳା କର୍ମଚାରୀମାନେ ମଧ୍ୟ ଉପସ୍ଥିତ ଥିଲେ। ଅଧିବକ୍ତାମାନେ ଆଇନର ଧାରା ସମ୍ପର୍କରେ ବୁଝାଇଥିଲେ। ପୀଡ଼ିତାମାନେ କିପରି ଅଭିଯୋଗ କରିବେ ସେ ସମ୍ପର୍କରେ ସୂଚନା ଦିଆଯାଇଥିଲା। ଅଂଶଗ୍ରହଣକାରୀଙ୍କ ପ୍ରଶ୍ନର ଉତ୍ତର ଦିଆଯାଇଥିଲା। ଶେଷରେ ସଚିବ ଧନ୍ୟବାଦ ଦେଇଥିଲେ।
ନବବଧୂ ହତ୍ୟା ଘଟଣା: ସ୍ୱାମୀ ସମେତ ୩ କୋର୍ଟ ଚାଲାଣ
ଧର୍ମଗଡ଼,୨୦।୪(ଦଶରଥ ପାଣି):
କଳାହାଣ୍ଡି ଜିଲା ଧର୍ମଗଡ଼ ଥାନା ଅନ୍ତର୍ଗତ ଏକ ଗ୍ରାମରେ ନବବଧୂ ହତ୍ୟା ଘଟଣାରେ ପୋଲିସ ସ୍ୱାମୀ ସମେତ ତିନି ଜଣଙ୍କୁ ଗିରଫ କରି କୋର୍ଟ ଚାଲାଣ କରିଛି। ମୃତାଙ୍କ ପରିବାର ଲୋକେ ଯୌତୁକ ପାଇଁ ନିର୍ଯ୍ୟାତନା ଦେଇ ହତ୍ୟା କରାଯାଇଥିବା ଅଭିଯୋଗ କରିଥିଲେ। ଏହି ଅଭିଯୋଗ ଆଧାରରେ ପୋଲିସ ମାମଲା ରୁଜୁ କରି ତଦନ୍ତ ଆରମ୍ଭ କରିଥିଲା। ବିବାହର ଛଅ ମାସ ଭିତରେ ଏହି ଘଟଣା ଘଟିଥିଲା। ଶାଶୁ ଓ ଶ୍ୱଶୁରଙ୍କୁ ମଧ୍ୟ ଗିରଫ କରାଯାଇଛି। ମୃତଦେହର ବ୍ୟବଚ୍ଛେଦ ରିପୋର୍ଟ ଆଧାରରେ ପୋଲିସ ଆଗକୁ କାର୍ଯ୍ୟାନୁଷ୍ଠାନ ନେବ।
ମାଇକା ଆସି ଘଟଣା ସ୍ଥଳରେ ପହଞ୍ଚିଥିଲେ। ପୋଲିସ ମୃତଦେହ ଜବତ କରି ବ୍ୟବଚ୍ଛେଦ ପାଇଁ ପଠାଇଥିଲା। ସ୍ଥାନୀୟ ଲୋକ ଘଟଣାର ନିରପେକ୍ଷ ତଦନ୍ତ ଦାବି କରିଥିଲେ। ଗ୍ରାମରେ ପରିସ୍ଥିତି ଉତ୍ତେଜନାପୂର୍ଣ୍ଣ ରହିଥିଲା। ଥାନା ଅଧିକାରୀ କହିଛନ୍ତି ଯେ ଦୋଷୀଙ୍କୁ କଠୋର ଦଣ୍ଡ ମିଳିବ। ଏଥିପାଇଁ ସାକ୍ଷୀଙ୍କ ବୟାନ ସଂଗ୍ରହ କରାଯାଉଛି। ଘଟଣାକୁ ନେଇ ଅଞ୍ଚଳରେ ଚାଞ୍ଚଲ୍ୟ ଦେଖାଦେଇଛି। ଅଭିଯୁକ୍ତମାନଙ୍କ ଜାମିନ ଆବେଦନ ନାକଚ ହୋଇଛି।
